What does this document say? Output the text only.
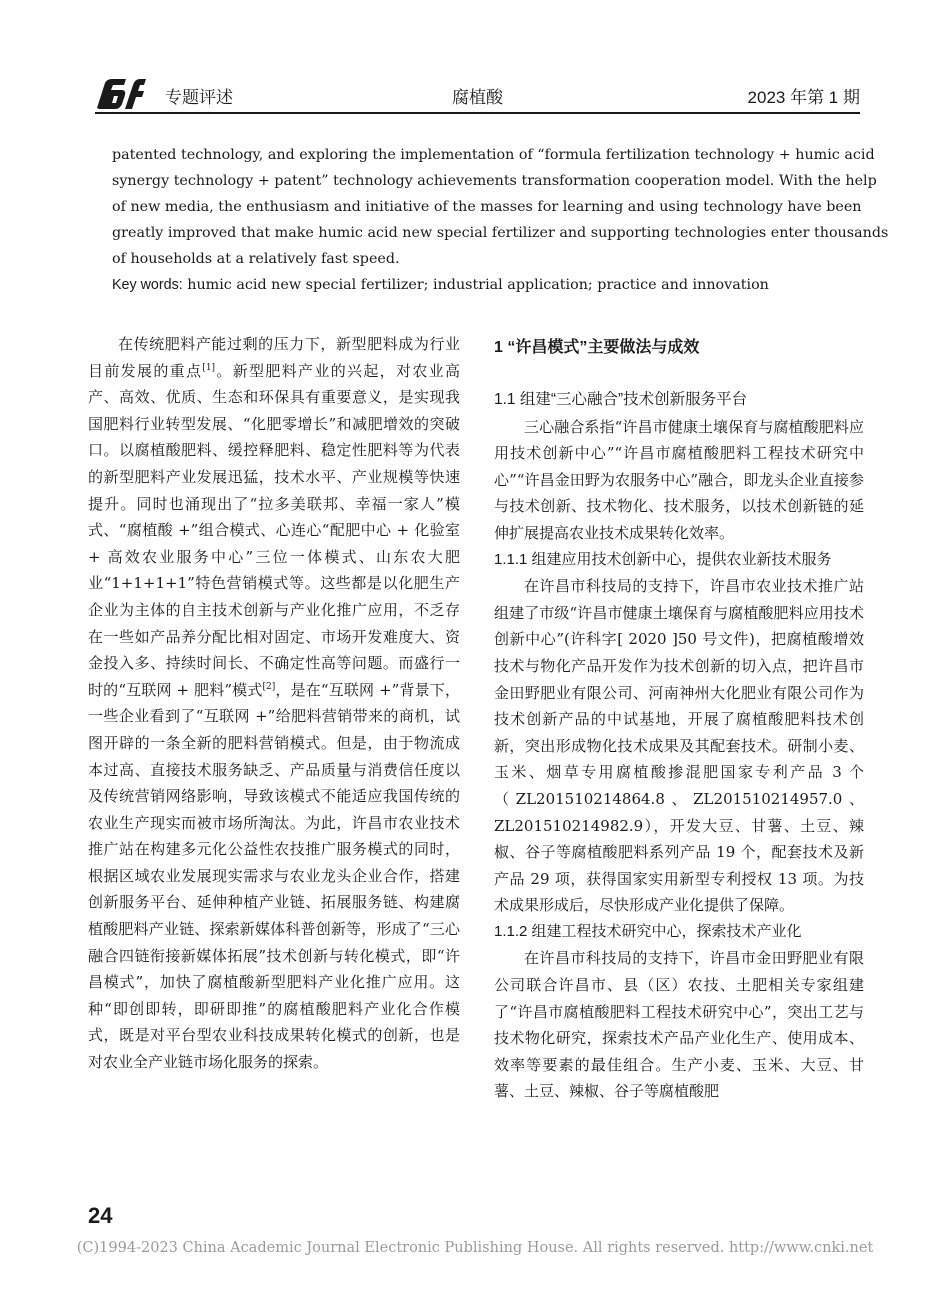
专题评述	腐植酸	2023 年第 1 期
patented technology, and exploring the implementation of “formula fertilization technology + humic acid
synergy technology + patent” technology achievements transformation cooperation model. With the help
of new media, the enthusiasm and initiative of the masses for learning and using technology have been
greatly improved that make humic acid new special fertilizer and supporting technologies enter thousands
of households at a relatively fast speed.
Key words: humic acid new special fertilizer; industrial application; practice and innovation

在传统肥料产能过剩的压力下，新型肥料成为行业目前发展的重点[1]。新型肥料产业的兴起，对农业高产、高效、优质、生态和环保具有重要意义，是实现我国肥料行业转型发展、“化肥零增长”和减肥增效的突破口。以腐植酸肥料、缓控释肥料、稳定性肥料等为代表的新型肥料产业发展迅猛，技术水平、产业规模等快速提升。同时也涌现出了“拉多美联邦、幸福一家人”模式、“腐植酸 +”组合模式、心连心“配肥中心 + 化验室 + 高效农业服务中心”三位一体模式、山东农大肥业“1+1+1+1”特色营销模式等。这些都是以化肥生产企业为主体的自主技术创新与产业化推广应用，不乏存在一些如产品养分配比相对固定、市场开发难度大、资金投入多、持续时间长、不确定性高等问题。而盛行一时的“互联网 + 肥料”模式[2]，是在“互联网 +”背景下，一些企业看到了“互联网 +”给肥料营销带来的商机，试图开辟的一条全新的肥料营销模式。但是，由于物流成本过高、直接技术服务缺乏、产品质量与消费信任度以及传统营销网络影响，导致该模式不能适应我国传统的农业生产现实而被市场所淘汰。为此，许昌市农业技术推广站在构建多元化公益性农技推广服务模式的同时，根据区域农业发展现实需求与农业龙头企业合作，搭建创新服务平台、延伸种植产业链、拓展服务链、构建腐植酸肥料产业链、探索新媒体科普创新等，形成了“三心融合四链衔接新媒体拓展”技术创新与转化模式，即“许昌模式”，加快了腐植酸新型肥料产业化推广应用。这种“即创即转，即研即推”的腐植酸肥料产业化合作模式，既是对平台型农业科技成果转化模式的创新，也是对农业全产业链市场化服务的探索。

1 “许昌模式”主要做法与成效

1.1 组建“三心融合”技术创新服务平台

三心融合系指“许昌市健康土壤保育与腐植酸肥料应用技术创新中心”“许昌市腐植酸肥料工程技术研究中心”“许昌金田野为农服务中心”融合，即龙头企业直接参与技术创新、技术物化、技术服务，以技术创新链的延伸扩展提高农业技术成果转化效率。

1.1.1 组建应用技术创新中心，提供农业新技术服务

在许昌市科技局的支持下，许昌市农业技术推广站组建了市级“许昌市健康土壤保育与腐植酸肥料应用技术创新中心”(许科字[ 2020 ]50 号文件)，把腐植酸增效技术与物化产品开发作为技术创新的切入点，把许昌市金田野肥业有限公司、河南神州大化肥业有限公司作为技术创新产品的中试基地，开展了腐植酸肥料技术创新，突出形成物化技术成果及其配套技术。研制小麦、玉米、烟草专用腐植酸掺混肥国家专利产品 3 个（ZL201510214864.8、ZL201510214957.0、ZL201510214982.9），开发大豆、甘薯、土豆、辣椒、谷子等腐植酸肥料系列产品 19 个，配套技术及新产品 29 项，获得国家实用新型专利授权 13 项。为技术成果形成后，尽快形成产业化提供了保障。

1.1.2 组建工程技术研究中心，探索技术产业化

在许昌市科技局的支持下，许昌市金田野肥业有限公司联合许昌市、县（区）农技、土肥相关专家组建了“许昌市腐植酸肥料工程技术研究中心”，突出工艺与技术物化研究，探索技术产品产业化生产、使用成本、效率等要素的最佳组合。生产小麦、玉米、大豆、甘薯、土豆、辣椒、谷子等腐植酸肥

24
(C)1994-2023 China Academic Journal Electronic Publishing House. All rights reserved. http://www.cnki.net
